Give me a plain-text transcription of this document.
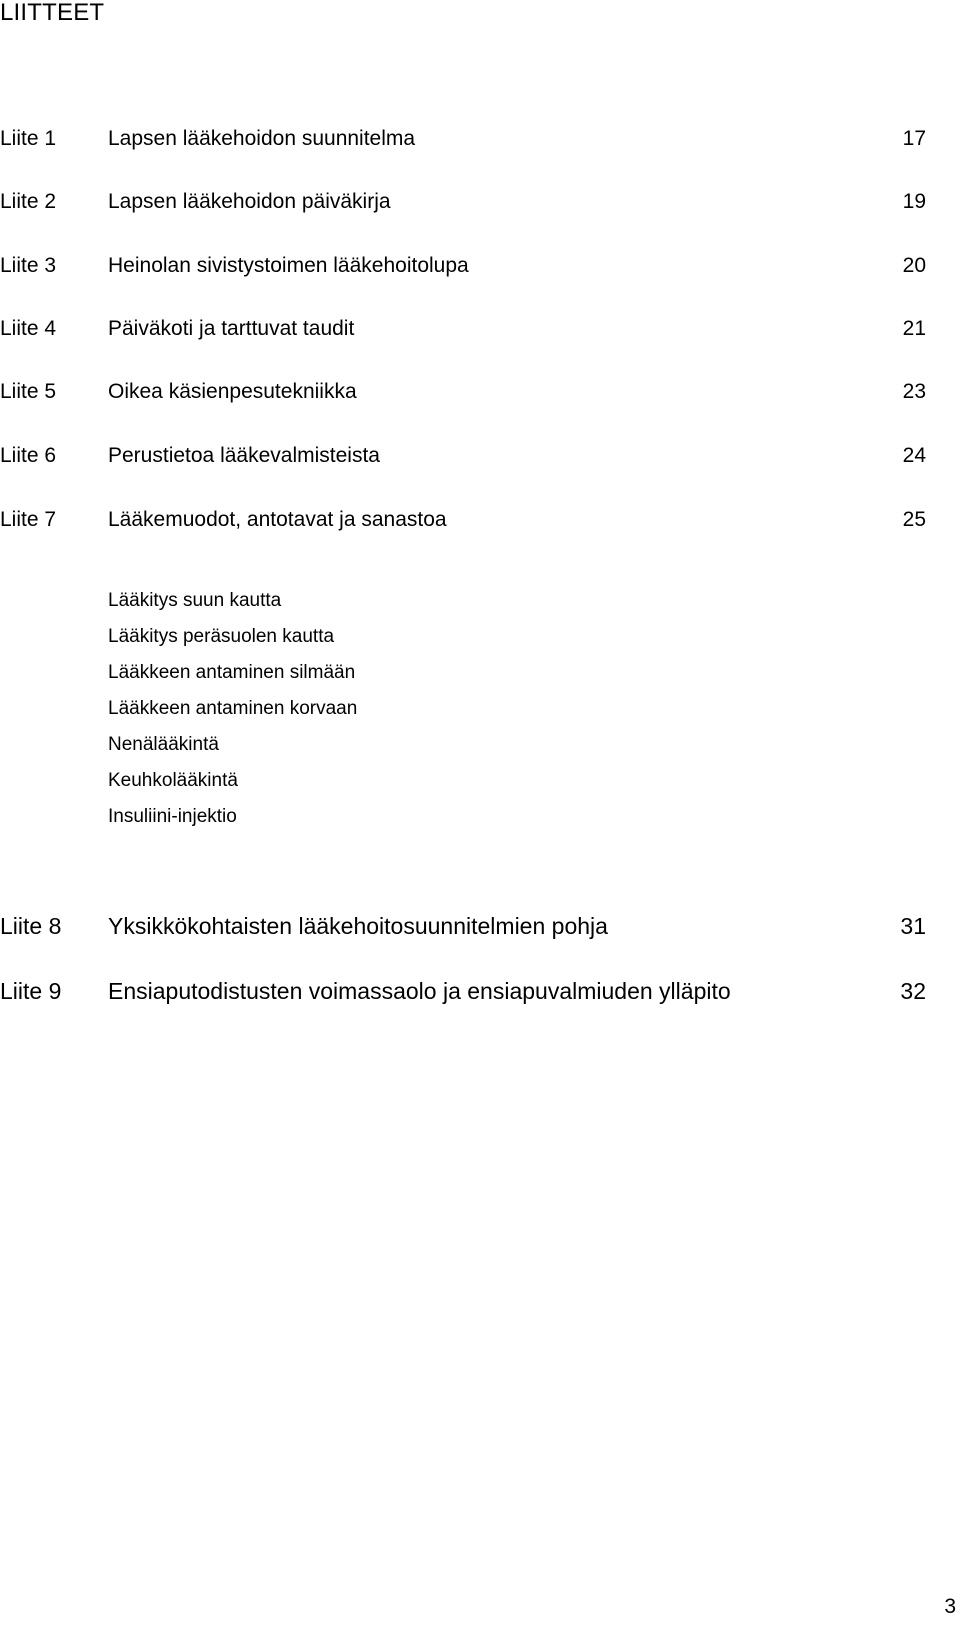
LIITTEET
Liite 1 Lapsen lääkehoidon suunnitelma	17
Liite 2 Lapsen lääkehoidon päiväkirja	19
Liite 3 Heinolan sivistystoimen lääkehoitolupa	20
Liite 4 Päiväkoti ja tarttuvat taudit	21
Liite 5 Oikea käsienpesutekniikka	23
Liite 6 Perustietoa lääkevalmisteista	24
Liite 7 Lääkemuodot, antotavat ja sanastoa	25
Lääkitys suun kautta
Lääkitys peräsuolen kautta
Lääkkeen antaminen silmään
Lääkkeen antaminen korvaan
Nenälääkintä
Keuhkolääkintä
Insuliini-injektio
Liite 8 Yksikkökohtaisten lääkehoitosuunnitelmien pohja	31
Liite 9 Ensiaputodistusten voimassaolo ja ensiapuvalmiuden ylläpito	32
3
